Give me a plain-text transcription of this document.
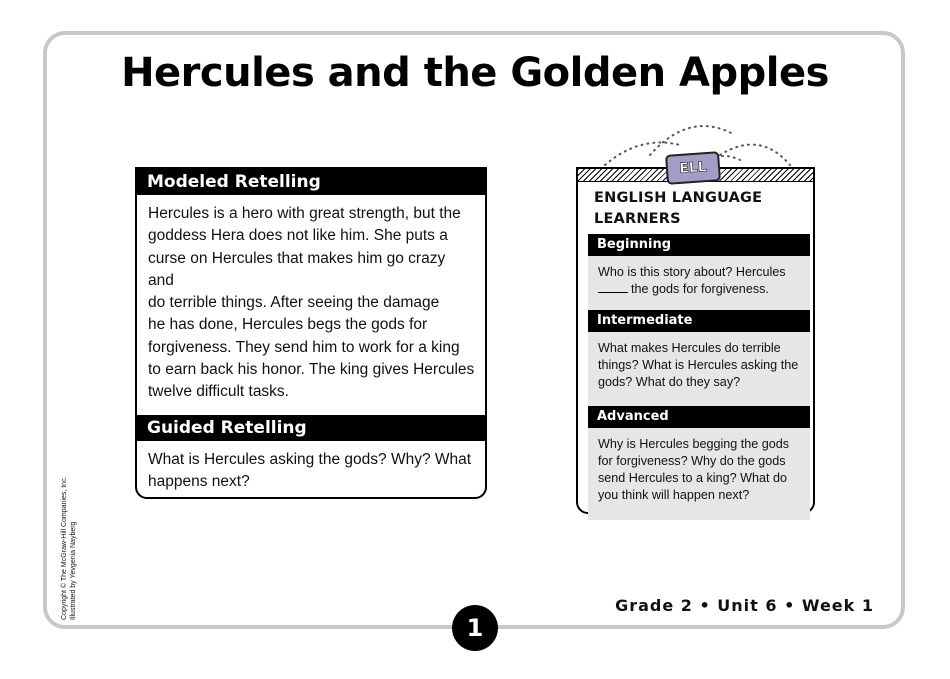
Hercules and the Golden Apples
Modeled Retelling
Hercules is a hero with great strength, but the
goddess Hera does not like him. She puts a
curse on Hercules that makes him go crazy and
do terrible things. After seeing the damage
he has done, Hercules begs the gods for
forgiveness. They send him to work for a king
to earn back his honor. The king gives Hercules
twelve difficult tasks.
Guided Retelling
What is Hercules asking the gods? Why? What
happens next?
ENGLISH LANGUAGE
LEARNERS
Beginning
Who is this story about? Hercules
the gods for forgiveness.
Intermediate
What makes Hercules do terrible
things? What is Hercules asking the
gods? What do they say?
Advanced
Why is Hercules begging the gods
for forgiveness? Why do the gods
send Hercules to a king? What do
you think will happen next?
ELL
Copyright © The McGraw-Hill Companies, Inc. Illustrated by Yevgenia Nayberg	Grade 2 • Unit 6 • Week 1
1
